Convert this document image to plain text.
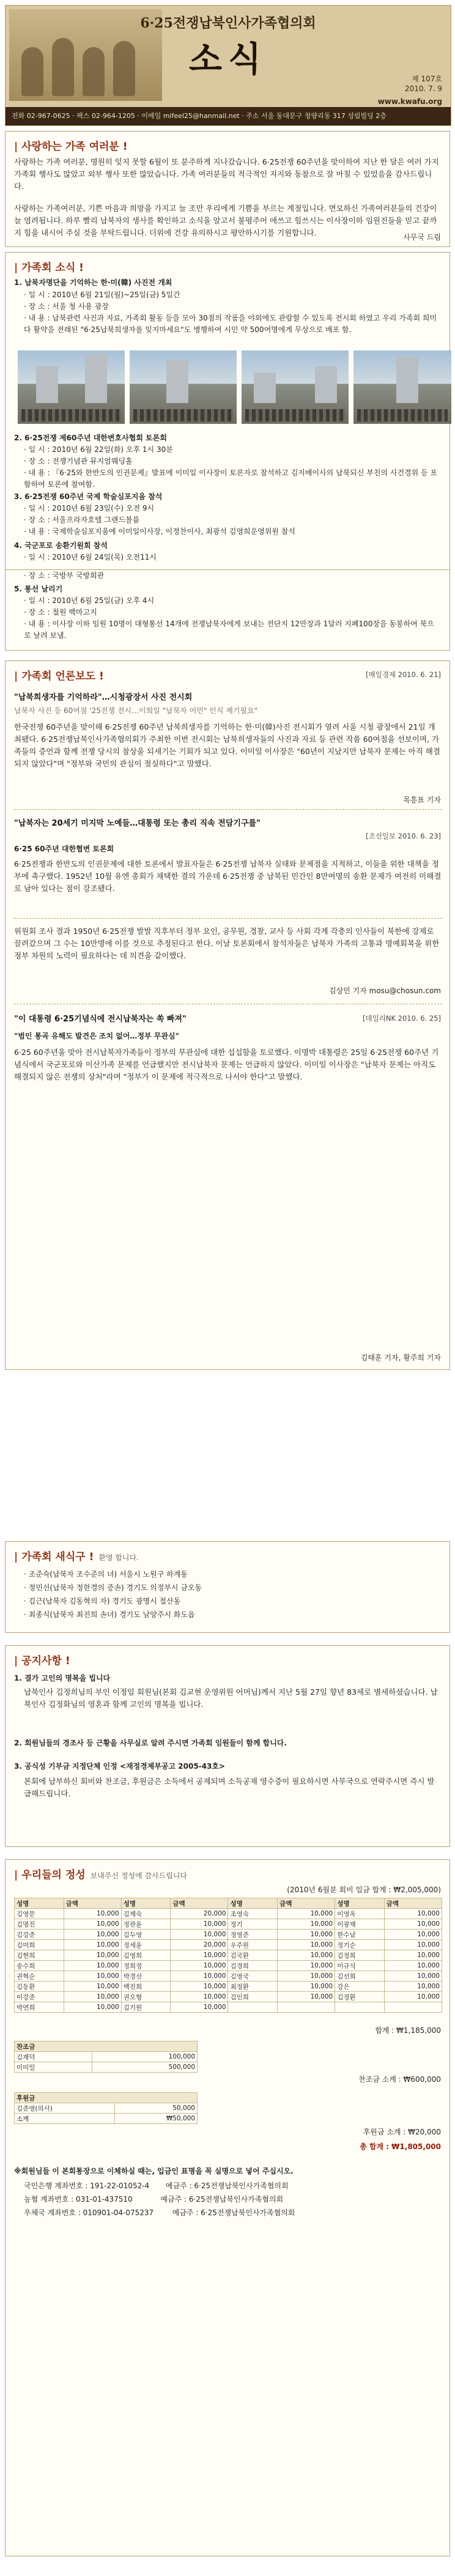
6·25전쟁납북인사가족협의회
소식	제 107호
2010. 7. 9
www.kwafu.org
전화 02-967-0625 · 팩스 02-964-1205 · 이메일 mifeel25@hanmail.net · 주소 서울 동대문구 청량리동 317 성림빌딩 2층
| 사랑하는 가족 여러분 !

사랑하는 가족 여러분, 명원히 잊지 못할 6월이 또 분주하게 지나갔습니다. 6·25전쟁 60주년을 맞이하여 지난 한 달은 여러 가지 가족회 행사도 많았고 외부 행사 또한 많았습니다. 가족 여러분들의 적극적인 지지와 동참으로 잘 마칠 수 있었음을 감사드립니다.

사랑하는 가족여러분, 기쁜 마음과 희망을 가지고 늘 조만 우리에게 기쁨을 부르는 계절입니다. 면모하신 가족여러분들의 건강이 늘 염려됩니다. 하루 빨리 납북자의 생사를 확인하고 소식을 알고서 불평주어 애쓰고 힘쓰시는 이사장이하 임원진들을 믿고 끝까지 힘을 내시어 주실 것을 부탁드립니다. 더위에 건강 유의하시고 평안하시기를 기원합니다.	사무국 드림
| 가족회 소식 !
1. 납북자명단을 기억하는 한·미(韓) 사진전 개최
· 일 시 : 2010년 6월 21일(월)~25일(금) 5일간
· 장 소 : 서울 청 사용 광장
· 내 용 : 납북관련 사진과 자료, 가족회 활동 등을 모아 30점의 작품을 야외에도 관람할 수 있도록 전시회 하였고 우리 가족회 희미다 활약을 전래된 "6·25납북희생자를 잊지마세요"도 병행하여 시민 약 500여명에게 무상으로 배포 함.
2. 6·25전쟁 제60주년 대한변호사협회 토론회
· 일 시 : 2010년 6월 22일(화) 오후 1시 30분
· 장 소 : 전쟁기념관 뮤지엄웨딩홀
· 내 용 : 『6·25와 한반도의 인권문제』발표에 이미일 이사장이 토론자로 참석하고 김지배이사의 납북되신 부친의 사건경위 등 포함하여 토론에 참여함.
3. 6·25전쟁 60주년 국제 학술심포지움 참석
· 일 시 : 2010년 6월 23일(수) 오전 9시
· 장 소 : 서울프라자호텔 그랜드볼룸
· 내 용 : 국제학술심포지움에 이미일이사장, 이정찬이사, 최광석 김영희운영위원 참석
4. 국군포로 송환기원회 참석
· 일 시 : 2010년 6월 24일(목) 오전11시
· 장 소 : 국방부 국방회관
5. 통선 날리기
· 일 시 : 2010년 6월 25일(금) 오후 4시
· 장 소 : 철원 백마고지
· 내 용 : 이사장 이하 임원 10명이 대형통선 14개에 전쟁납북자에게 보내는 전단지 12만장과 1달러 지폐100장을 동봉하여 북으로 날려 보냄.
| 가족회 언론보도 !	[매일경제 2010. 6. 21]
"납북희생자를 기억하라"…시청광장서 사진 전시회
납북자 사진 등 60여점 '25전쟁 전시…이희일 "납북자 어민" 인식 제기필요"

한국전쟁 60주년을 맞이해 6·25전쟁 60주년 납북희생자를 기억하는 한·미(韓)사진 전시회가 열려 서울 시청 광장에서 21일 개최됐다. 6·25전쟁납북인사가족협의회가 주최한 이번 전시회는 납북희생자들의 사진과 자료 등 관련 작품 60여점을 선보이며, 가족들의 증언과 함께 전쟁 당시의 참상을 되새기는 기회가 되고 있다. 이미일 이사장은 "60년이 지났지만 납북자 문제는 아직 해결되지 않았다"며 "정부와 국민의 관심이 절실하다"고 말했다.

목흥표 기자
"납북자는 20세기 미지막 노예들…대통령 또는 총리 직속 전담기구를"
[조선일보 2010. 6. 23]
6·25 60주년 대한협변 토론회

6·25전쟁과 한반도의 인권문제에 대한 토론에서 발표자들은 6·25전쟁 납북자 실태와 문제점을 지적하고, 이들을 위한 대책을 정부에 촉구했다. 1952년 10월 유엔 총회가 채택한 결의 가운데 6·25전쟁 중 납북된 민간인 8만여명의 송환 문제가 여전히 미해결로 남아 있다는 점이 강조됐다.

위원회 조사 결과 1950년 6·25전쟁 발발 직후부터 정부 요인, 공무원, 경찰, 교사 등 사회 각계 각층의 인사들이 북한에 강제로 끌려갔으며 그 수는 10만명에 이를 것으로 추정된다고 한다. 이날 토론회에서 참석자들은 납북자 가족의 고통과 명예회복을 위한 정부 차원의 노력이 필요하다는 데 의견을 같이했다.

김상민 기자 mosu@chosun.com
"이 대통령 6·25기념식에 전시납북자는 쏙 빠져"	[데일리NK 2010. 6. 25]
"범인 통곡 유해도 발견은 조치 없어…정부 무관심"

6·25 60주년을 맞아 전시납북자가족들이 정부의 무관심에 대한 섭섭함을 토로했다. 이명박 대통령은 25일 6·25전쟁 60주년 기념식에서 국군포로와 이산가족 문제를 언급했지만 전시납북자 문제는 언급하지 않았다. 이미일 이사장은 "납북자 문제는 아직도 해결되지 않은 전쟁의 상처"라며 "정부가 이 문제에 적극적으로 나서야 한다"고 말했다.

김태훈 기자, 황주희 기자
| 가족회 새식구 ! 환영 합니다.
· 조준숙(납북자 조수준의 녀) 서울시 노원구 하계동
· 정민선(납북자 정한경의 증손) 경기도 의정부시 금오동
· 김근(납북자 김동혁의 자) 경기도 광명시 철산동
· 최종식(납북자 최진희 손녀) 경기도 남양주시 화도읍
| 공지사항 !
1. 결가 고인의 명복을 빕니다

납북인사 김정희님의 부인 이정임 회원님(본회 김교현 운영위원 어머님)께서 지난 5월 27일 향년 83세로 별세하셨습니다. 납북인사 김정화님의 영혼과 함께 고인의 명복을 빕니다.

2. 회원님들의 경조사 등 근황을 사무실로 알려 주시면 가족회 임원들이 함께 합니다.
3. 공식성 기부금 지정단체 인정 <재정경제부공고 2005-43호>

본회에 납부하신 회비와 찬조금, 후원금은 소득에서 공제되며 소득공제 영수증이 필요하시면 사무국으로 연락주시면 즉시 발급해드립니다.

| 우리들의 정성 보내주신 정성에 감사드립니다
(2010년 6월분 회비 입금 합계 : ₩2,005,000)
성명	금액	성명	금액	성명	금액	성명	금액
김영문	10,000	김재숙	20,000	조영숙	10,000	이영옥	10,000
김명진	10,000	정관윤	10,000	정기	10,000	이광재	10,000
김강준	10,000	김두영	10,000	정영준	10,000	한수남	10,000
김미희	10,000	정세윤	20,000	우주원	10,000	정기순	10,000
김현희	10,000	김영희	10,000	김국환	10,000	김정희	10,000
송수희	10,000	정희정	10,000	김경희	10,000	이규식	10,000
권혁순	10,000	박경선	10,000	김영국	10,000	김선희	10,000
김동환	10,000	백진희	10,000	최정환	10,000	강은	10,000
이강준	10,000	권오형	10,000	김인희	10,000	김정환	10,000
박연희	10,000	김기원	10,000				
합계 : ₩1,185,000
찬조금	
김재덕	100,000
이미일	500,000
찬조금 소계 : ₩600,000
후원금	
김준영(의사)	50,000
소계	₩50,000
후원금 소계 : ₩20,000
총 합계 : ₩1,805,000
※회원님들 이 본회통장으로 이체하실 때는, 입금인 표명을 꼭 실명으로 넣어 주십시오.
국민은행 계좌번호 : 191-22-01052-4       예금주 : 6·25전쟁납북인사가족협의회
농협 계좌번호 : 031-01-437510            예금주 : 6·25전쟁납북인사가족협의회
우체국 계좌번호 : 010901-04-075237        예금주 : 6·25전쟁납북인사가족협의회
